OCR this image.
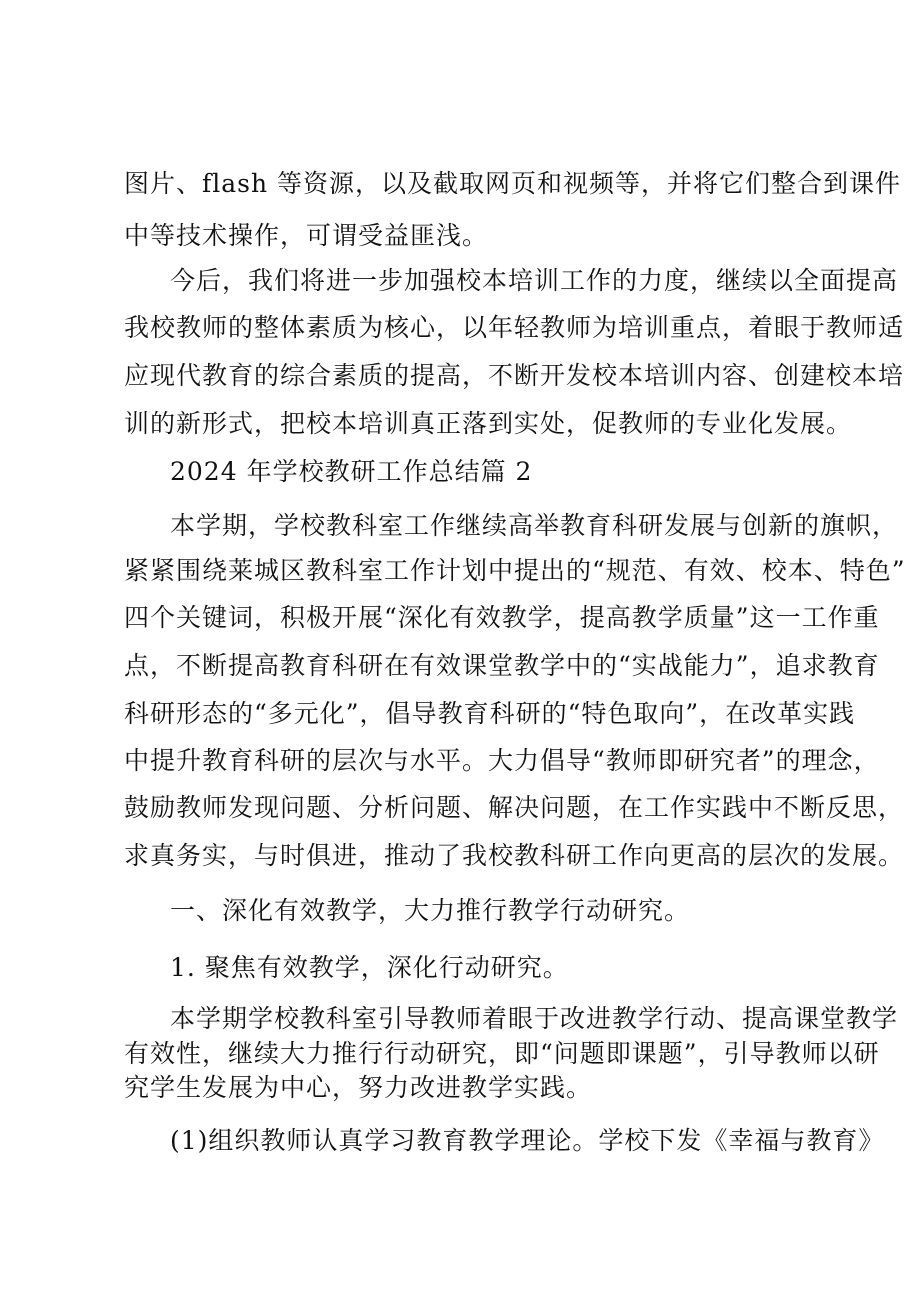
图片、flash 等资源，以及截取网页和视频等，并将它们整合到课件
中等技术操作，可谓受益匪浅。
今后，我们将进一步加强校本培训工作的力度，继续以全面提高
我校教师的整体素质为核心，以年轻教师为培训重点，着眼于教师适
应现代教育的综合素质的提高，不断开发校本培训内容、创建校本培
训的新形式，把校本培训真正落到实处，促教师的专业化发展。
2024 年学校教研工作总结篇 2
本学期，学校教科室工作继续高举教育科研发展与创新的旗帜，
紧紧围绕莱城区教科室工作计划中提出的“规范、有效、校本、特色”
四个关键词，积极开展“深化有效教学，提高教学质量”这一工作重
点，不断提高教育科研在有效课堂教学中的“实战能力”，追求教育
科研形态的“多元化”，倡导教育科研的“特色取向”，在改革实践
中提升教育科研的层次与水平。大力倡导“教师即研究者”的理念，
鼓励教师发现问题、分析问题、解决问题，在工作实践中不断反思，
求真务实，与时俱进，推动了我校教科研工作向更高的层次的发展。
一、深化有效教学，大力推行教学行动研究。
1. 聚焦有效教学，深化行动研究。
本学期学校教科室引导教师着眼于改进教学行动、提高课堂教学
有效性，继续大力推行行动研究，即“问题即课题”，引导教师以研
究学生发展为中心，努力改进教学实践。
(1)组织教师认真学习教育教学理论。学校下发《幸福与教育》
